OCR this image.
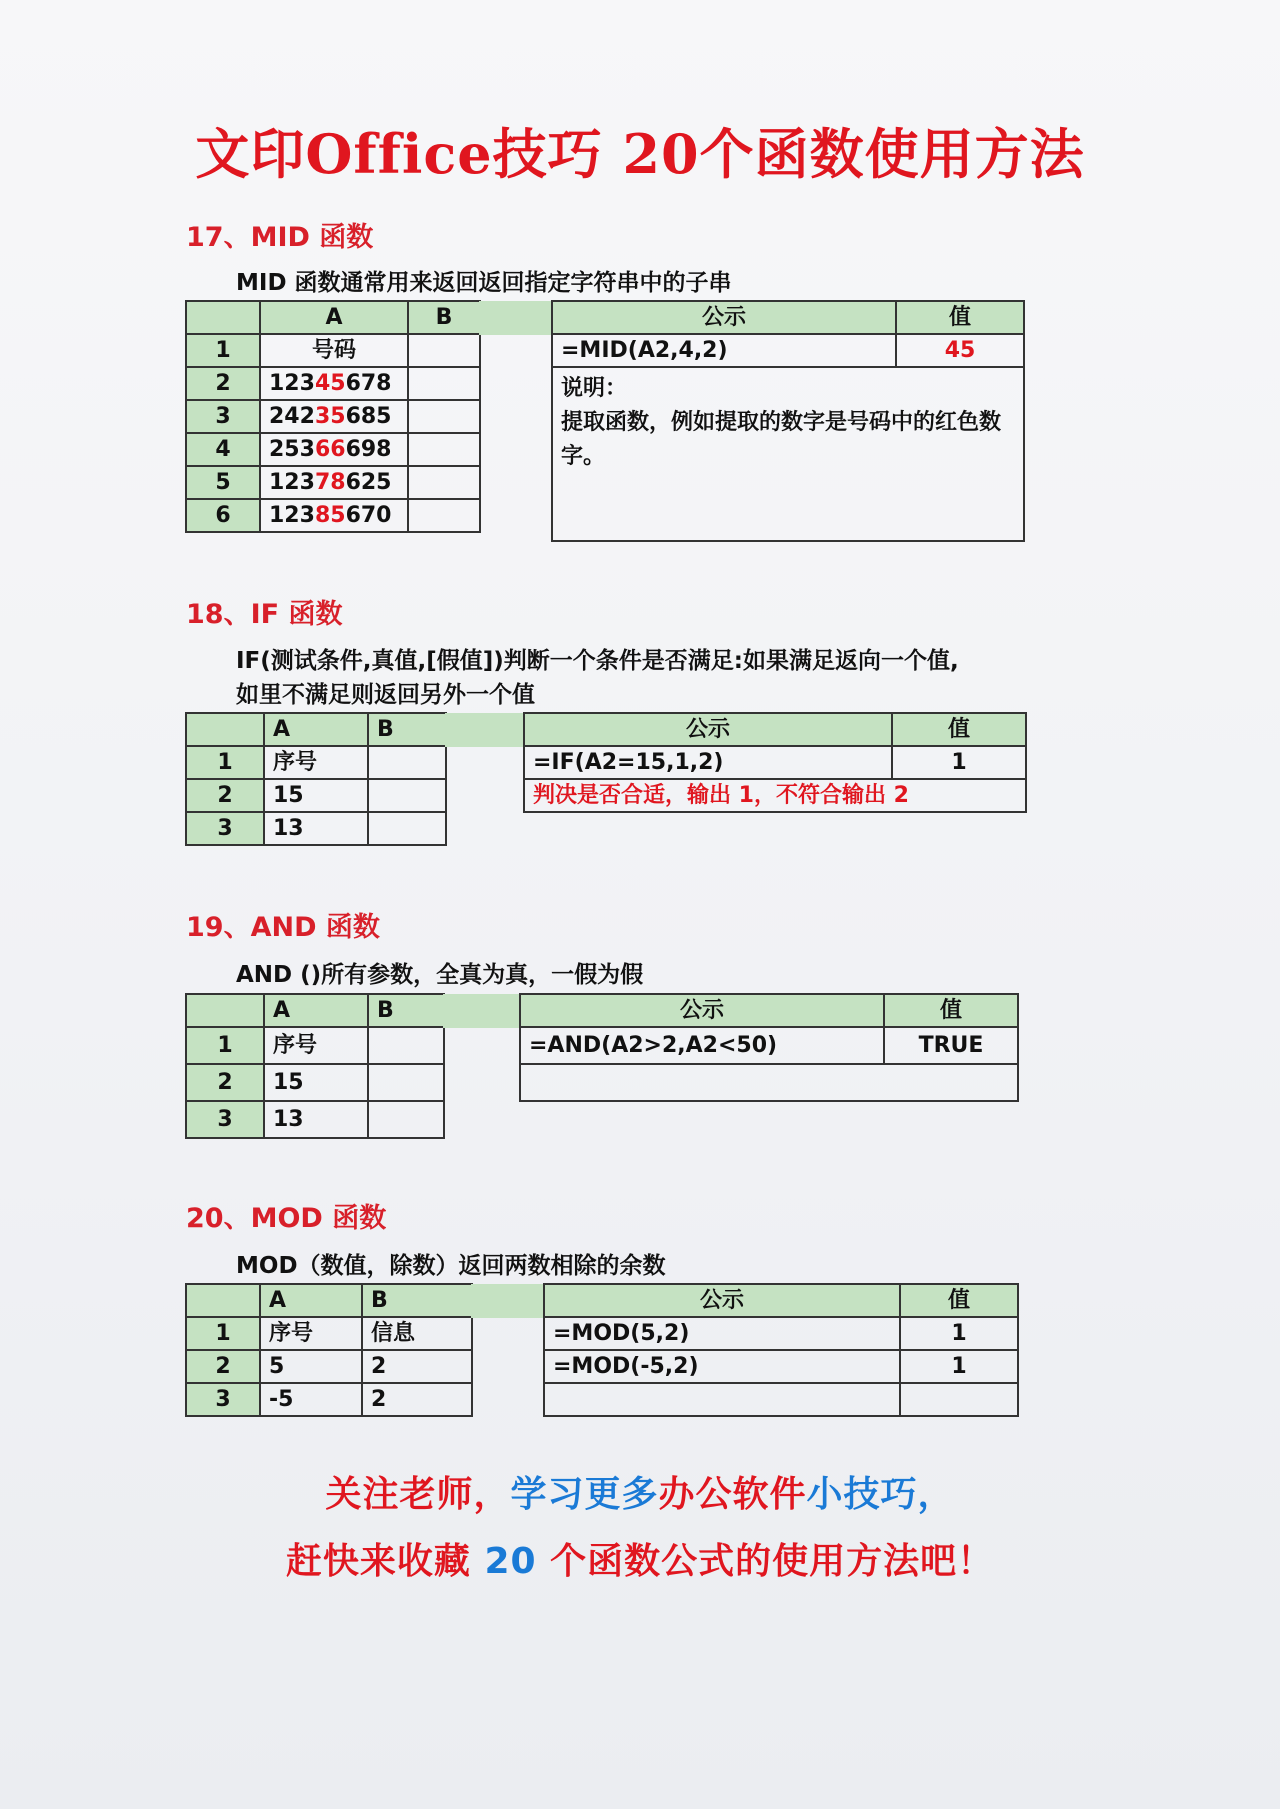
文印Office技巧 20个函数使用方法
17、MID 函数
MID 函数通常用来返回返回指定字符串中的子串
	A	B
1	号码	
2	12345678	
3	24235685	
4	25366698	
5	12378625	
6	12385670	
公示	值
=MID(A2,4,2)	45

说明：
提取函数，例如提取的数字是号码中的红色数字。	
18、IF 函数
IF(测试条件,真值,[假值])判断一个条件是否满足:如果满足返向一个值,
如里不满足则返回另外一个值
	A	B
1	序号	
2	15	
3	13	
公示	值
=IF(A2=15,1,2)	1
判决是否合适，输出 1，不符合输出 2	
19、AND 函数
AND ()所有参数，全真为真，一假为假
	A	B
1	序号	
2	15	
3	13	
公示	值
=AND(A2>2,A2<50)	TRUE

20、MOD 函数
MOD（数值，除数）返回两数相除的余数
	A	B
1	序号	信息
2	5	2
3	-5	2
公示	值
=MOD(5,2)	1
=MOD(-5,2)	1

关注老师，学习更多办公软件小技巧，
赶快来收藏 20 个函数公式的使用方法吧！
